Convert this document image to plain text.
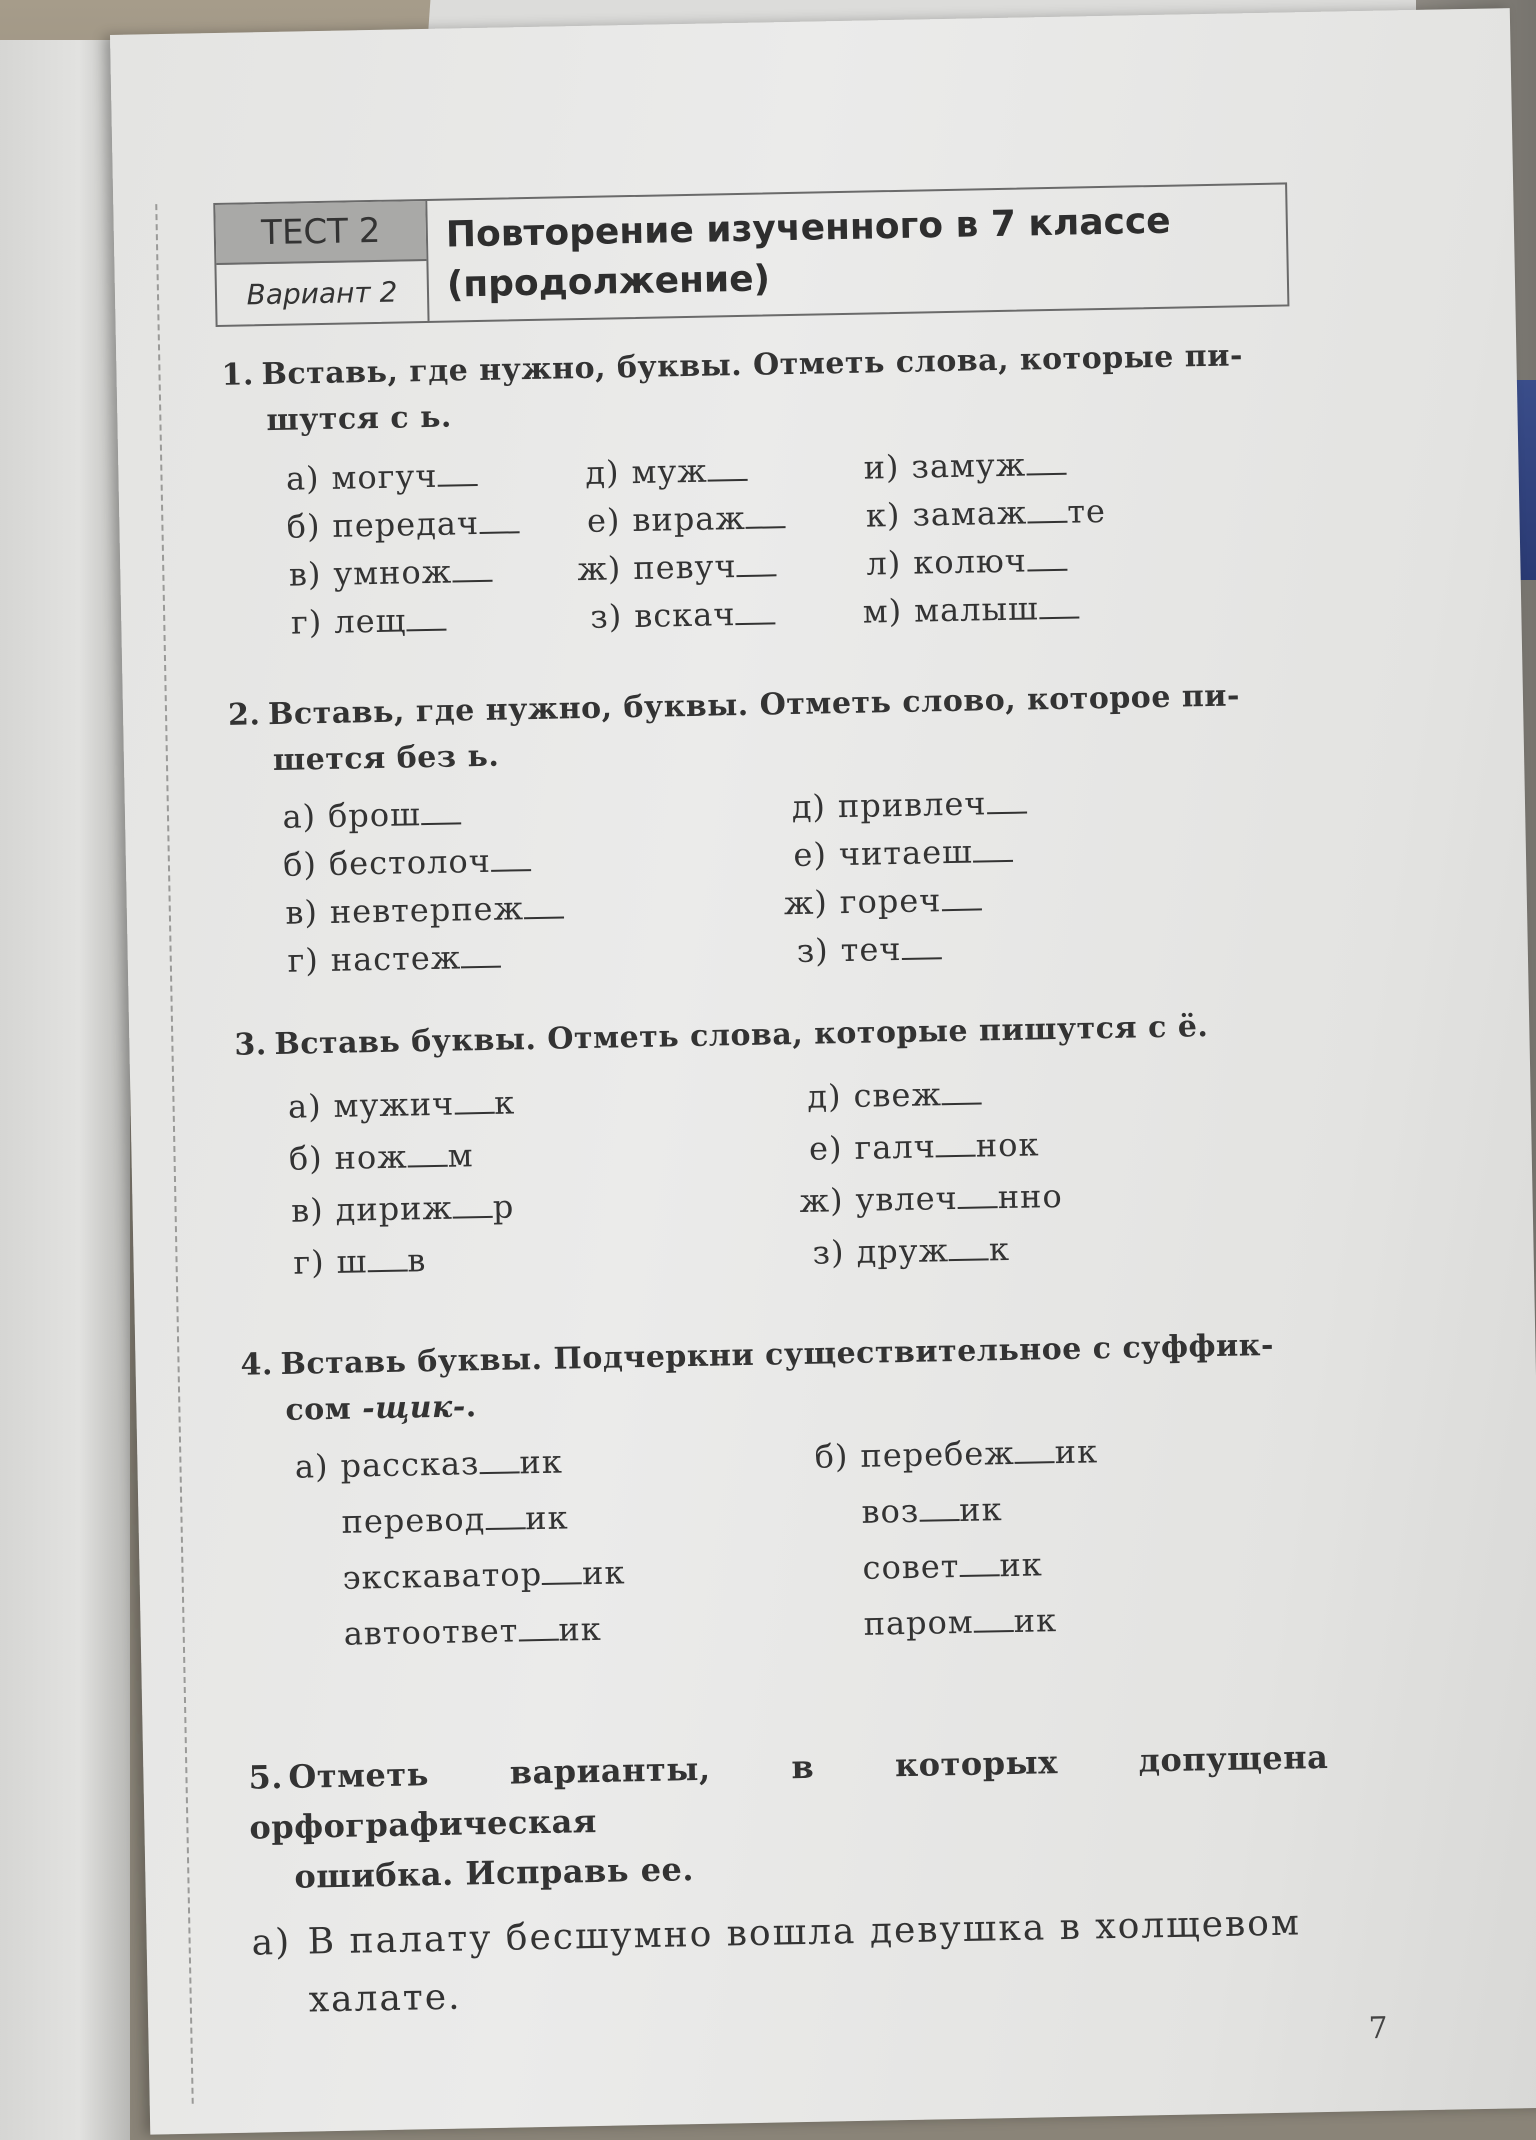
ТЕСТ 2
Вариант 2
Повторение изученного в 7 классе
(продолжение)
1. Вставь, где нужно, буквы. Отметь слова, которые пи-
шутся с ь.
а) могуч
б) передач
в) умнож
г) лещ
д) муж
е) вираж
ж) певуч
з) вскач
и) замуж
к) замаж те
л) колюч
м) малыш
2. Вставь, где нужно, буквы. Отметь слово, которое пи-
шется без ь.
а) брош
б) бестолоч
в) невтерпеж
г) настеж
д) привлеч
е) читаеш
ж) гореч
з) теч
3. Вставь буквы. Отметь слова, которые пишутся с ё.
а) мужич к
б) нож м
в) дириж р
г) ш в
д) свеж
е) галч нок
ж) увлеч нно
з) друж к
4. Вставь буквы. Подчеркни существительное с суффик-
сом -щик-.
а) рассказ ик
перевод ик
экскаватор ик
автоответ ик
б) перебеж ик
воз ик
совет ик
паром ик
5. Отметь варианты, в которых допущена орфографическая
ошибка. Исправь ее.
а) В палату бесшумно вошла девушка в холщевом
халате.
7
